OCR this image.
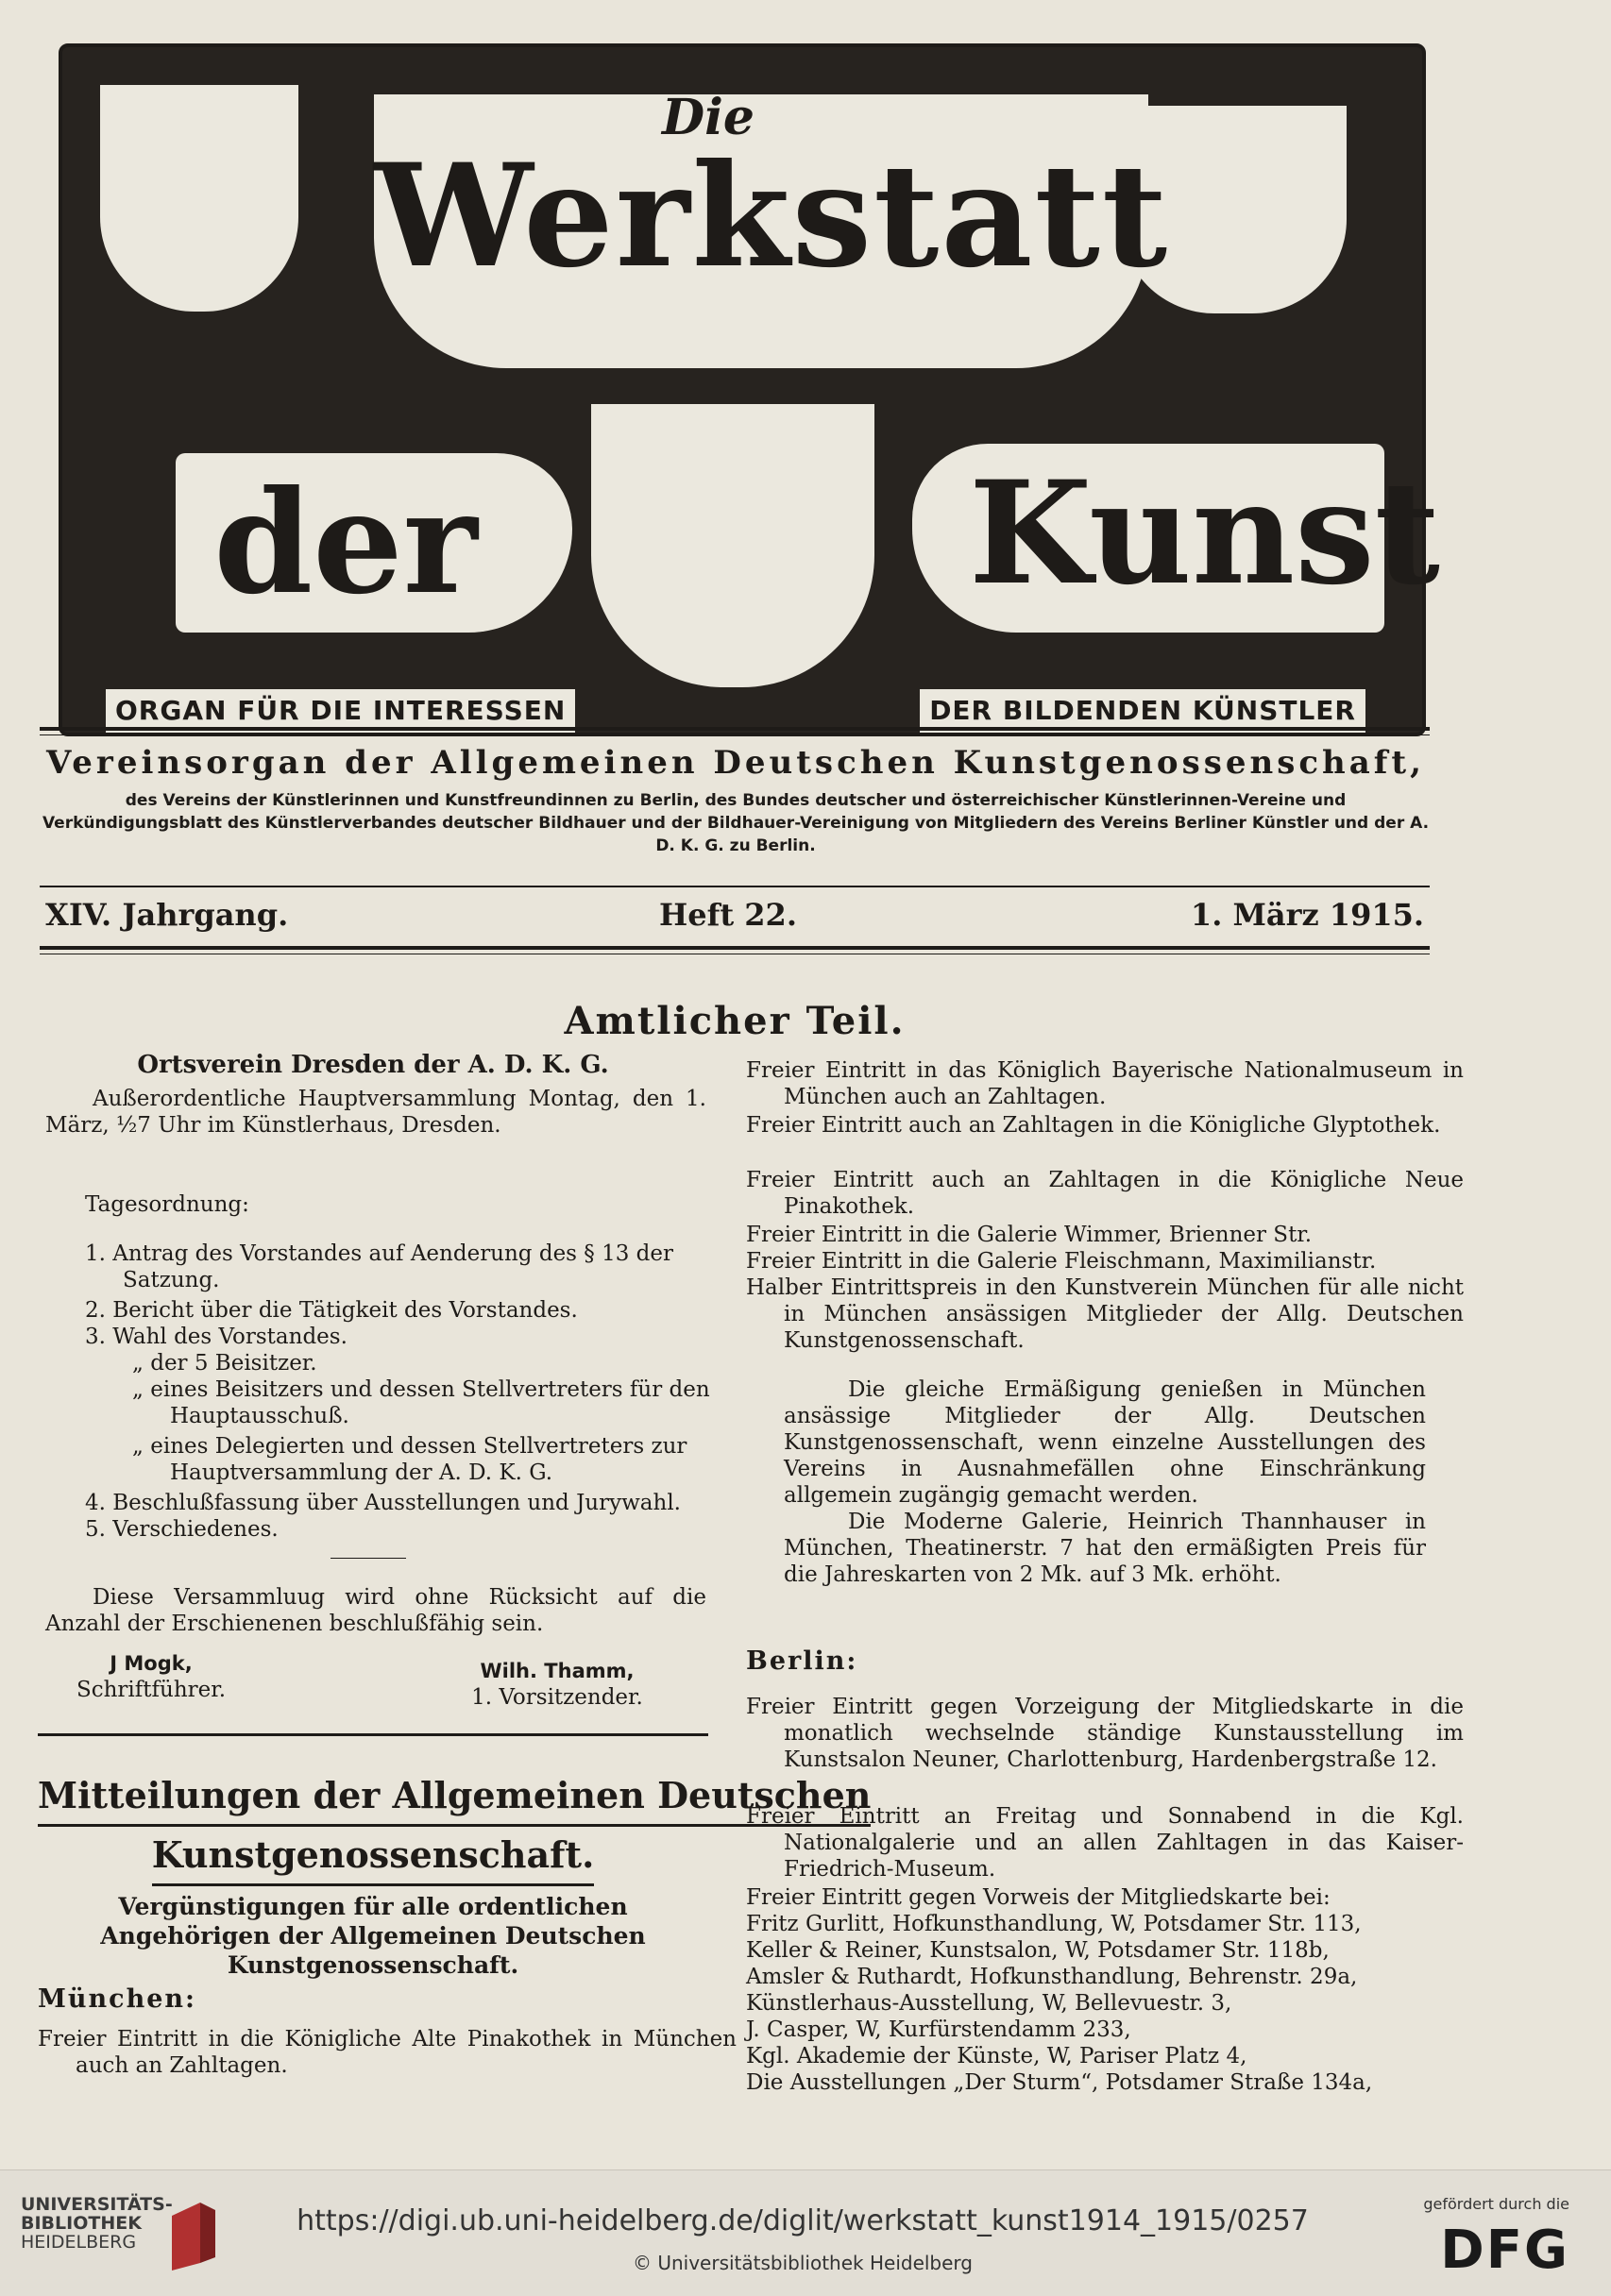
Die
Werkstatt
der	Kunst
ORGAN FÜR DIE INTERESSEN	DER BILDENDEN KÜNSTLER
Vereinsorgan der Allgemeinen Deutschen Kunstgenossenschaft,
des Vereins der Künstlerinnen und Kunstfreundinnen zu Berlin, des Bundes deutscher und österreichischer Künstlerinnen-Vereine und Verkündigungsblatt des Künstlerverbandes deutscher Bildhauer und der Bildhauer-Vereinigung von Mitgliedern des Vereins Berliner Künstler und der A. D. K. G. zu Berlin.
XIV. Jahrgang.	Heft 22.	1. März 1915.
Amtlicher Teil.
Ortsverein Dresden der A. D. K. G.
Außerordentliche Hauptversammlung Montag, den 1. März, ½7 Uhr im Künstlerhaus, Dresden.
Tagesordnung:
1. Antrag des Vorstandes auf Aenderung des § 13 der Satzung.
2. Bericht über die Tätigkeit des Vorstandes.
3. Wahl des Vorstandes.
„ der 5 Beisitzer.
„ eines Beisitzers und dessen Stellvertreters für den Hauptausschuß.
„ eines Delegierten und dessen Stellvertreters zur Hauptversammlung der A. D. K. G.
4. Beschlußfassung über Ausstellungen und Jurywahl.
5. Verschiedenes.
Diese Versammluug wird ohne Rücksicht auf die Anzahl der Erschienenen beschlußfähig sein.
J Mogk,
Schriftführer.
Wilh. Thamm,
1. Vorsitzender.
Mitteilungen der Allgemeinen Deutschen
Kunstgenossenschaft.
Vergünstigungen für alle ordentlichen Angehörigen der Allgemeinen Deutschen Kunstgenossenschaft.
München:
Freier Eintritt in die Königliche Alte Pinakothek in München auch an Zahltagen.
Freier Eintritt in das Königlich Bayerische Nationalmuseum in München auch an Zahltagen.
Freier Eintritt auch an Zahltagen in die Königliche Glyptothek.
Freier Eintritt auch an Zahltagen in die Königliche Neue Pinakothek.
Freier Eintritt in die Galerie Wimmer, Brienner Str.
Freier Eintritt in die Galerie Fleischmann, Maximilianstr.
Halber Eintrittspreis in den Kunstverein München für alle nicht in München ansässigen Mitglieder der Allg. Deutschen Kunstgenossenschaft.
Die gleiche Ermäßigung genießen in München ansässige Mitglieder der Allg. Deutschen Kunstgenossenschaft, wenn einzelne Ausstellungen des Vereins in Ausnahmefällen ohne Einschränkung allgemein zugängig gemacht werden.
Die Moderne Galerie, Heinrich Thannhauser in München, Theatinerstr. 7 hat den ermäßigten Preis für die Jahreskarten von 2 Mk. auf 3 Mk. erhöht.
Berlin:
Freier Eintritt gegen Vorzeigung der Mitgliedskarte in die monatlich wechselnde ständige Kunstausstellung im Kunstsalon Neuner, Charlottenburg, Hardenbergstraße 12.
Freier Eintritt an Freitag und Sonnabend in die Kgl. Nationalgalerie und an allen Zahltagen in das Kaiser-Friedrich-Museum.
Freier Eintritt gegen Vorweis der Mitgliedskarte bei:
Fritz Gurlitt, Hofkunsthandlung, W, Potsdamer Str. 113,
Keller & Reiner, Kunstsalon, W, Potsdamer Str. 118b,
Amsler & Ruthardt, Hofkunsthandlung, Behrenstr. 29a,
Künstlerhaus-Ausstellung, W, Bellevuestr. 3,
J. Casper, W, Kurfürstendamm 233,
Kgl. Akademie der Künste, W, Pariser Platz 4,
Die Ausstellungen „Der Sturm“, Potsdamer Straße 134a,
UNIVERSITÄTS-
BIBLIOTHEK
HEIDELBERG
https://digi.ub.uni-heidelberg.de/diglit/werkstatt_kunst1914_1915/0257
© Universitätsbibliothek Heidelberg
gefördert durch die
DFG
